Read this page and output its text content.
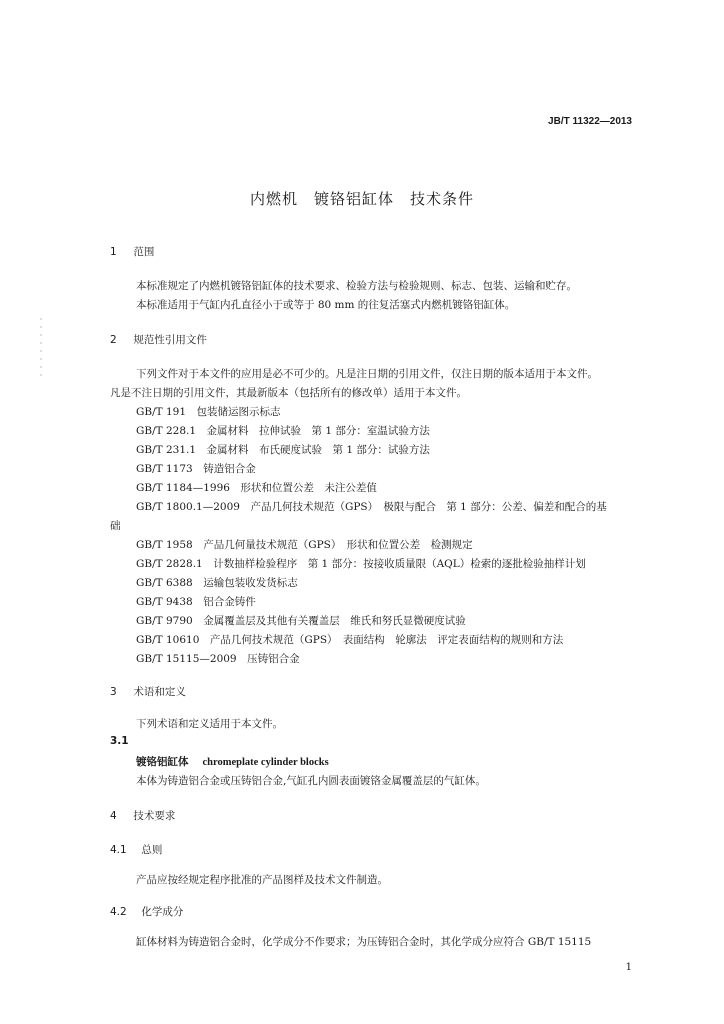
JB/T 11322—2013
内燃机　镀铬铝缸体　技术条件
1 范围
本标准规定了内燃机镀铬铝缸体的技术要求、检验方法与检验规则、标志、包装、运输和贮存。
本标准适用于气缸内孔直径小于或等于 80 mm 的往复活塞式内燃机镀铬铝缸体。
2 规范性引用文件
下列文件对于本文件的应用是必不可少的。凡是注日期的引用文件，仅注日期的版本适用于本文件。
凡是不注日期的引用文件，其最新版本（包括所有的修改单）适用于本文件。
GB/T 191　包装储运图示标志
GB/T 228.1　金属材料　拉伸试验　第 1 部分：室温试验方法
GB/T 231.1　金属材料　布氏硬度试验　第 1 部分：试验方法
GB/T 1173　铸造铝合金
GB/T 1184—1996　形状和位置公差　未注公差值
GB/T 1800.1—2009　产品几何技术规范（GPS）　极限与配合　第 1 部分：公差、偏差和配合的基
础
GB/T 1958　产品几何量技术规范（GPS）　形状和位置公差　检测规定
GB/T 2828.1　计数抽样检验程序　第 1 部分：按接收质量限（AQL）检索的逐批检验抽样计划
GB/T 6388　运输包装收发货标志
GB/T 9438　铝合金铸件
GB/T 9790　金属覆盖层及其他有关覆盖层　维氏和努氏显微硬度试验
GB/T 10610　产品几何技术规范（GPS）　表面结构　轮廓法　评定表面结构的规则和方法
GB/T 15115—2009　压铸铝合金
3 术语和定义
下列术语和定义适用于本文件。
3.1
镀铬铝缸体 chromeplate cylinder blocks
本体为铸造铝合金或压铸铝合金,气缸孔内圆表面镀铬金属覆盖层的气缸体。
4 技术要求
4.1 总则
产品应按经规定程序批准的产品图样及技术文件制造。
4.2 化学成分
缸体材料为铸造铝合金时，化学成分不作要求；为压铸铝合金时，其化学成分应符合 GB/T 15115
1
